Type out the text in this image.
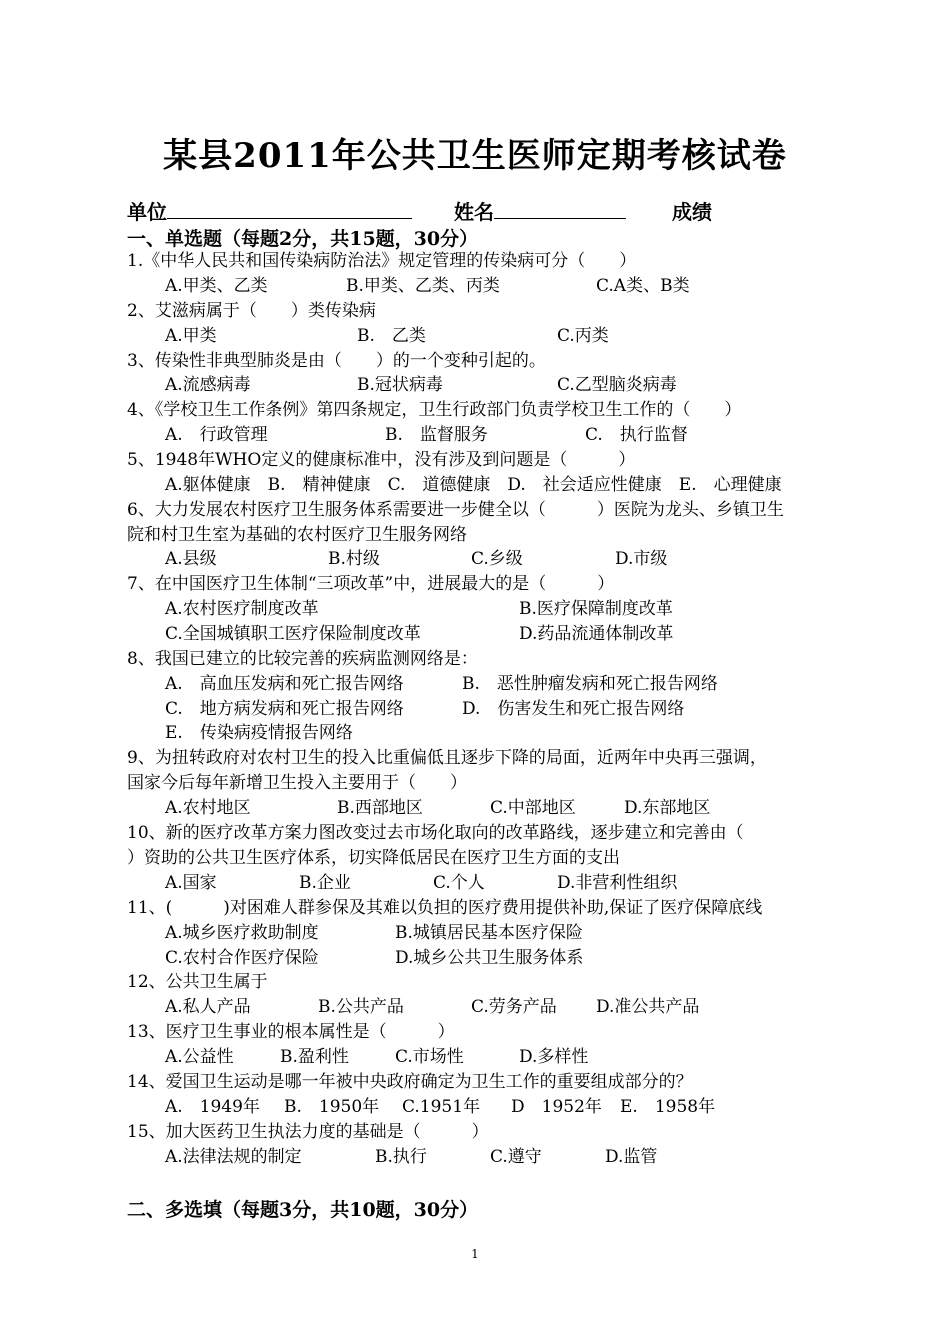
某县2011年公共卫生医师定期考核试卷
单位	姓名	成绩
一、单选题（每题2分，共15题，30分）
1.《中华人民共和国传染病防治法》规定管理的传染病可分（　　）
A.甲类、乙类	B.甲类、乙类、丙类	C.A类、B类
2、艾滋病属于（　　）类传染病
A.甲类	B.　乙类	C.丙类
3、传染性非典型肺炎是由（　　）的一个变种引起的。
A.流感病毒	B.冠状病毒	C.乙型脑炎病毒
4、《学校卫生工作条例》第四条规定，卫生行政部门负责学校卫生工作的（　　）
A.　行政管理	B.　监督服务	C.　执行监督
5、1948年WHO定义的健康标准中，没有涉及到问题是（　　　）
A.躯体健康　B.　精神健康　C.　道德健康　D.　社会适应性健康　E.　心理健康
6、大力发展农村医疗卫生服务体系需要进一步健全以（　　　）医院为龙头、乡镇卫生
院和村卫生室为基础的农村医疗卫生服务网络
A.县级	B.村级	C.乡级	D.市级
7、在中国医疗卫生体制“三项改革”中，进展最大的是（　　　）
A.农村医疗制度改革	B.医疗保障制度改革
C.全国城镇职工医疗保险制度改革	D.药品流通体制改革
8、我国已建立的比较完善的疾病监测网络是：
A.　高血压发病和死亡报告网络	B.　恶性肿瘤发病和死亡报告网络
C.　地方病发病和死亡报告网络	D.　伤害发生和死亡报告网络
E.　传染病疫情报告网络
9、为扭转政府对农村卫生的投入比重偏低且逐步下降的局面，近两年中央再三强调，
国家今后每年新增卫生投入主要用于（　　）
A.农村地区	B.西部地区	C.中部地区	D.东部地区
10、新的医疗改革方案力图改变过去市场化取向的改革路线，逐步建立和完善由（
）资助的公共卫生医疗体系，切实降低居民在医疗卫生方面的支出
A.国家	B.企业	C.个人	D.非营利性组织
11、(　　　)对困难人群参保及其难以负担的医疗费用提供补助,保证了医疗保障底线
A.城乡医疗救助制度	B.城镇居民基本医疗保险
C.农村合作医疗保险	D.城乡公共卫生服务体系
12、公共卫生属于
A.私人产品	B.公共产品	C.劳务产品 D.准公共产品
13、医疗卫生事业的根本属性是（　　　）
A.公益性	B.盈利性	C.市场性	D.多样性
14、爱国卫生运动是哪一年被中央政府确定为卫生工作的重要组成部分的？
A.　1949年 B.　1950年 C.1951年 D　1952年 E.　1958年
15、加大医药卫生执法力度的基础是（　　　）
A.法律法规的制定	B.执行	C.遵守	D.监管
二、多选填（每题3分，共10题，30分）
1
